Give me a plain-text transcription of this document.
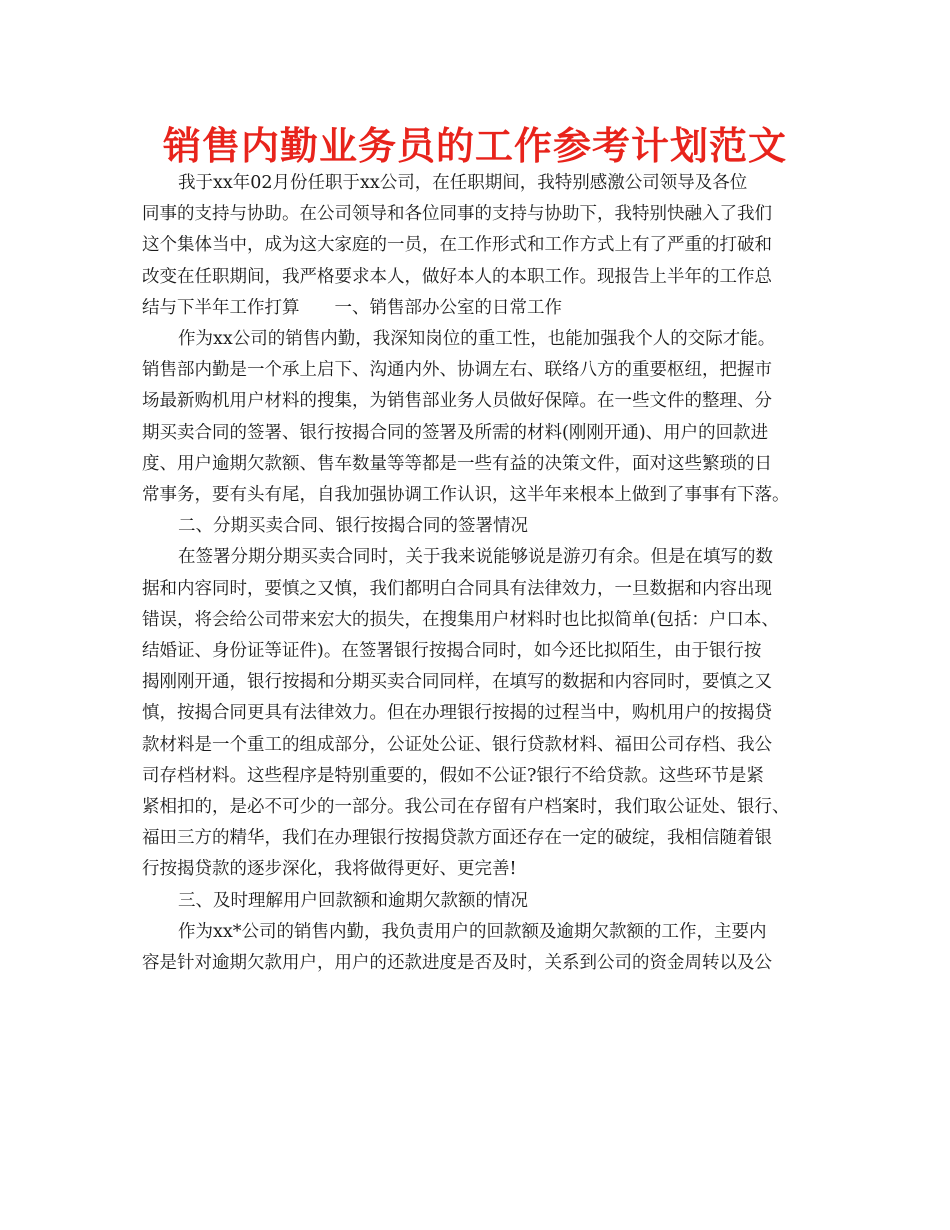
销售内勤业务员的工作参考计划范文

我于xx年02月份任职于xx公司，在任职期间，我特别感激公司领导及各位
同事的支持与协助。在公司领导和各位同事的支持与协助下，我特别快融入了我们
这个集体当中，成为这大家庭的一员，在工作形式和工作方式上有了严重的打破和
改变在任职期间，我严格要求本人，做好本人的本职工作。现报告上半年的工作总
结与下半年工作打算　　一、销售部办公室的日常工作

作为xx公司的销售内勤，我深知岗位的重工性，也能加强我个人的交际才能。
销售部内勤是一个承上启下、沟通内外、协调左右、联络八方的重要枢纽，把握市
场最新购机用户材料的搜集，为销售部业务人员做好保障。在一些文件的整理、分
期买卖合同的签署、银行按揭合同的签署及所需的材料(刚刚开通)、用户的回款进
度、用户逾期欠款额、售车数量等等都是一些有益的决策文件，面对这些繁琐的日
常事务，要有头有尾，自我加强协调工作认识，这半年来根本上做到了事事有下落。

二、分期买卖合同、银行按揭合同的签署情况

在签署分期分期买卖合同时，关于我来说能够说是游刃有余。但是在填写的数
据和内容同时，要慎之又慎，我们都明白合同具有法律效力，一旦数据和内容出现
错误，将会给公司带来宏大的损失，在搜集用户材料时也比拟简单(包括：户口本、
结婚证、身份证等证件)。在签署银行按揭合同时，如今还比拟陌生，由于银行按
揭刚刚开通，银行按揭和分期买卖合同同样，在填写的数据和内容同时，要慎之又
慎，按揭合同更具有法律效力。但在办理银行按揭的过程当中，购机用户的按揭贷
款材料是一个重工的组成部分，公证处公证、银行贷款材料、福田公司存档、我公
司存档材料。这些程序是特别重要的，假如不公证?银行不给贷款。这些环节是紧
紧相扣的，是必不可少的一部分。我公司在存留有户档案时，我们取公证处、银行、
福田三方的精华，我们在办理银行按揭贷款方面还存在一定的破绽，我相信随着银
行按揭贷款的逐步深化，我将做得更好、更完善!

三、及时理解用户回款额和逾期欠款额的情况

作为xx*公司的销售内勤，我负责用户的回款额及逾期欠款额的工作，主要内
容是针对逾期欠款用户，用户的还款进度是否及时，关系到公司的资金周转以及公
